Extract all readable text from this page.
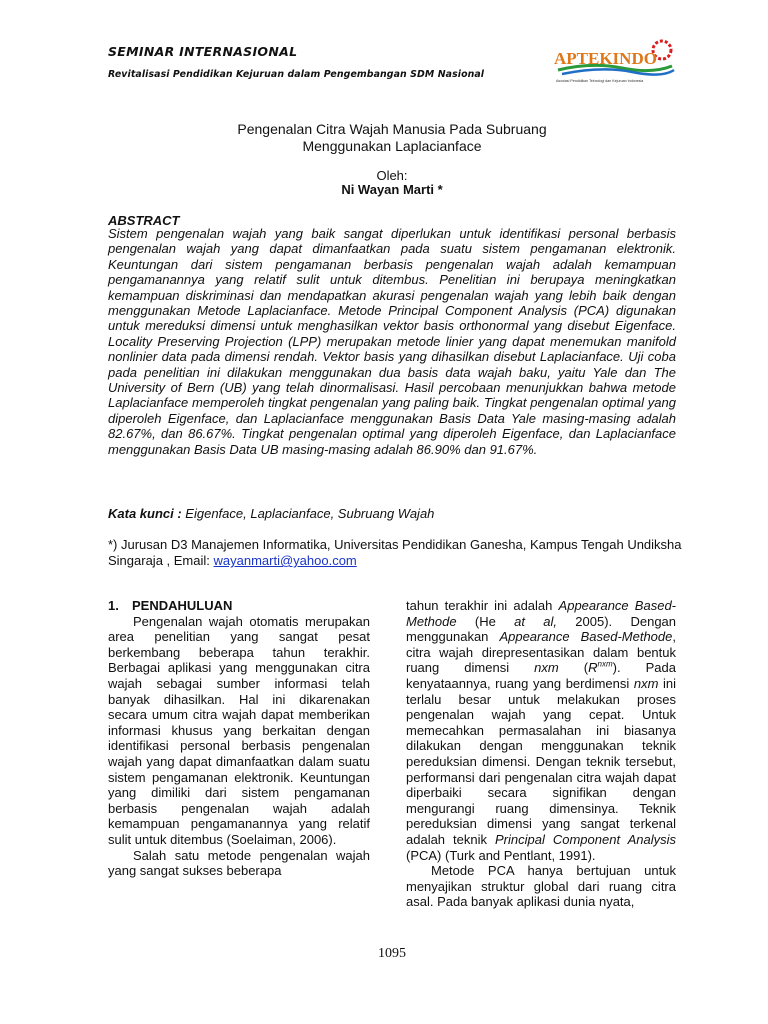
SEMINAR INTERNASIONAL
Revitalisasi Pendidikan Kejuruan dalam Pengembangan SDM Nasional
APTEKINDO
Asosiasi Pendidikan Teknologi dan Kejuruan Indonesia
Pengenalan Citra Wajah Manusia Pada Subruang
Menggunakan Laplacianface
Oleh:
Ni Wayan Marti *
ABSTRACT
Sistem pengenalan wajah yang baik sangat diperlukan untuk identifikasi personal berbasis pengenalan wajah yang dapat dimanfaatkan pada suatu sistem pengamanan elektronik. Keuntungan dari sistem pengamanan berbasis pengenalan wajah adalah kemampuan pengamanannya yang relatif sulit untuk ditembus. Penelitian ini berupaya meningkatkan kemampuan diskriminasi dan mendapatkan akurasi pengenalan wajah yang lebih baik dengan menggunakan Metode Laplacianface. Metode Principal Component Analysis (PCA) digunakan untuk mereduksi dimensi untuk menghasilkan vektor basis orthonormal yang disebut Eigenface. Locality Preserving Projection (LPP) merupakan metode linier yang dapat menemukan manifold nonlinier data pada dimensi rendah. Vektor basis yang dihasilkan disebut Laplacianface. Uji coba pada penelitian ini dilakukan menggunakan dua basis data wajah baku, yaitu Yale dan The University of Bern (UB) yang telah dinormalisasi. Hasil percobaan menunjukkan bahwa metode Laplacianface memperoleh tingkat pengenalan yang paling baik. Tingkat pengenalan optimal yang diperoleh Eigenface, dan Laplacianface menggunakan Basis Data Yale masing-masing adalah 82.67%, dan 86.67%. Tingkat pengenalan optimal yang diperoleh Eigenface, dan Laplacianface menggunakan Basis Data UB masing-masing adalah 86.90% dan 91.67%.
Kata kunci : Eigenface, Laplacianface, Subruang Wajah
*) Jurusan D3 Manajemen Informatika, Universitas Pendidikan Ganesha, Kampus Tengah Undiksha Singaraja , Email: wayanmarti@yahoo.com

1. PENDAHULUAN

Pengenalan wajah otomatis merupakan area penelitian yang sangat pesat berkembang beberapa tahun terakhir. Berbagai aplikasi yang menggunakan citra wajah sebagai sumber informasi telah banyak dihasilkan. Hal ini dikarenakan secara umum citra wajah dapat memberikan informasi khusus yang berkaitan dengan identifikasi personal berbasis pengenalan wajah yang dapat dimanfaatkan dalam suatu sistem pengamanan elektronik. Keuntungan yang dimiliki dari sistem pengamanan berbasis pengenalan wajah adalah kemampuan pengamanannya yang relatif sulit untuk ditembus (Soelaiman, 2006).

Salah satu metode pengenalan wajah yang sangat sukses beberapa

tahun terakhir ini adalah Appearance Based-Methode (He at al, 2005). Dengan menggunakan Appearance Based-Methode, citra wajah direpresentasikan dalam bentuk ruang dimensi nxm $(R^{nxm})$. Pada kenyataannya, ruang yang berdimensi nxm ini terlalu besar untuk melakukan proses pengenalan wajah yang cepat. Untuk memecahkan permasalahan ini biasanya dilakukan dengan menggunakan teknik pereduksian dimensi. Dengan teknik tersebut, performansi dari pengenalan citra wajah dapat diperbaiki secara signifikan dengan mengurangi ruang dimensinya. Teknik pereduksian dimensi yang sangat terkenal adalah teknik Principal Component Analysis (PCA) (Turk and Pentlant, 1991).

Metode PCA hanya bertujuan untuk menyajikan struktur global dari ruang citra asal. Pada banyak aplikasi dunia nyata,

1095
